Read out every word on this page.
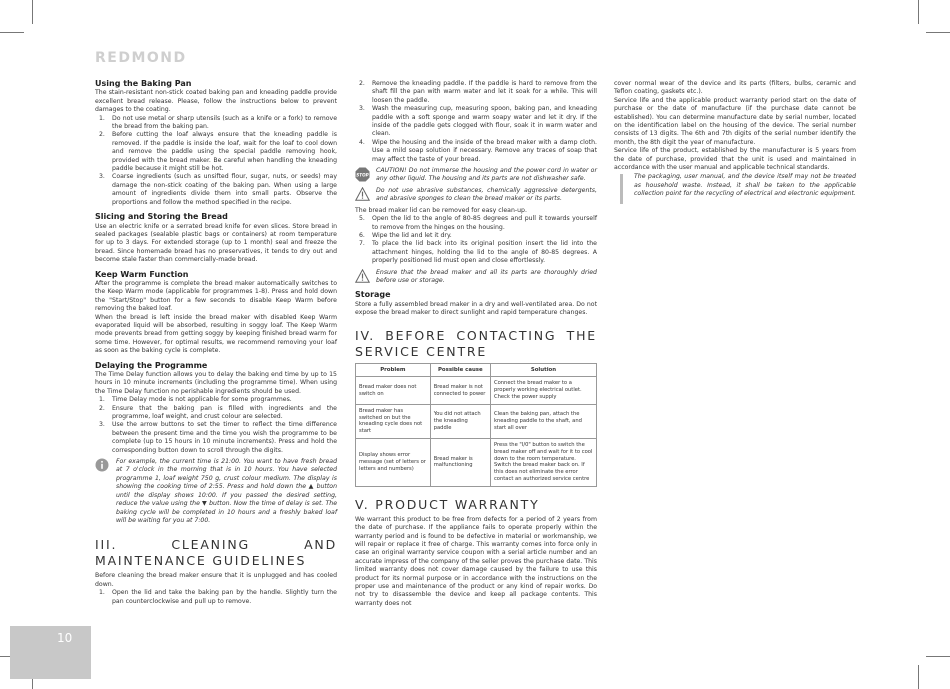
REDMOND
Using the Baking Pan

The stain-resistant non-stick coated baking pan and kneading paddle provide excellent bread release. Please, follow the instructions below to prevent damages to the coating.

1. Do not use metal or sharp utensils (such as a knife or a fork) to remove the bread from the baking pan.
2. Before cutting the loaf always ensure that the kneading paddle is removed. If the paddle is inside the loaf, wait for the loaf to cool down and remove the paddle using the special paddle removing hook, provided with the bread maker. Be careful when handling the kneading paddle because it might still be hot.
3. Coarse ingredients (such as unsifted flour, sugar, nuts, or seeds) may damage the non-stick coating of the baking pan. When using a large amount of ingredients divide them into small parts. Observe the proportions and follow the method specified in the recipe.
Slicing and Storing the Bread

Use an electric knife or a serrated bread knife for even slices. Store bread in sealed packages (sealable plastic bags or containers) at room temperature for up to 3 days. For extended storage (up to 1 month) seal and freeze the bread. Since homemade bread has no preservatives, it tends to dry out and become stale faster than commercially-made bread.

Keep Warm Function

After the programme is complete the bread maker automatically switches to the Keep Warm mode (applicable for programmes 1-8). Press and hold down the "Start/Stop" button for a few seconds to disable Keep Warm before removing the baked loaf.

When the bread is left inside the bread maker with disabled Keep Warm evaporated liquid will be absorbed, resulting in soggy loaf. The Keep Warm mode prevents bread from getting soggy by keeping finished bread warm for some time. However, for optimal results, we recommend removing your loaf as soon as the baking cycle is complete.

Delaying the Programme

The Time Delay function allows you to delay the baking end time by up to 15 hours in 10 minute increments (including the programme time). When using the Time Delay function no perishable ingredients should be used.

1. Time Delay mode is not applicable for some programmes.
2. Ensure that the baking pan is filled with ingredients and the programme, loaf weight, and crust colour are selected.
3. Use the arrow buttons to set the timer to reflect the time difference between the present time and the time you wish the programme to be complete (up to 15 hours in 10 minute increments). Press and hold the corresponding button down to scroll through the digits.
For example, the current time is 21:00. You want to have fresh bread at 7 o'clock in the morning that is in 10 hours. You have selected programme 1, loaf weight 750 g, crust colour medium. The display is showing the cooking time of 2:55. Press and hold down the ▲ button until the display shows 10:00. If you passed the desired setting, reduce the value using the ▼ button. Now the time of delay is set. The baking cycle will be completed in 10 hours and a freshly baked loaf will be waiting for you at 7:00.
III. CLEANING AND MAINTENANCE GUIDELINES

Before cleaning the bread maker ensure that it is unplugged and has cooled down.

1. Open the lid and take the baking pan by the handle. Slightly turn the pan counterclockwise and pull up to remove.
2. Remove the kneading paddle. If the paddle is hard to remove from the shaft fill the pan with warm water and let it soak for a while. This will loosen the paddle.
3. Wash the measuring cup, measuring spoon, baking pan, and kneading paddle with a soft sponge and warm soapy water and let it dry. If the inside of the paddle gets clogged with flour, soak it in warm water and clean.
4. Wipe the housing and the inside of the bread maker with a damp cloth. Use a mild soap solution if necessary. Remove any traces of soap that may affect the taste of your bread.
STOP
CAUTION! Do not immerse the housing and the power cord in water or any other liquid. The housing and its parts are not dishwasher safe.
Do not use abrasive substances, chemically aggressive detergents, and abrasive sponges to clean the bread maker or its parts.

The bread maker lid can be removed for easy clean-up.

5. Open the lid to the angle of 80-85 degrees and pull it towards yourself to remove from the hinges on the housing.
6. Wipe the lid and let it dry.
7. To place the lid back into its original position insert the lid into the attachment hinges, holding the lid to the angle of 80-85 degrees. A properly positioned lid must open and close effortlessly.
Ensure that the bread maker and all its parts are thoroughly dried before use or storage.
Storage

Store a fully assembled bread maker in a dry and well-ventilated area. Do not expose the bread maker to direct sunlight and rapid temperature changes.

IV. BEFORE CONTACTING THE SERVICE CENTRE
Problem	Possible cause	Solution
Bread maker does not switch on	Bread maker is not connected to power	Connect the bread maker to a properly working electrical outlet. Check the power supply
Bread maker has switched on but the kneading cycle does not start	You did not attach the kneading paddle	Clean the baking pan, attach the kneading paddle to the shaft, and start all over
Display shows error message (set of letters or letters and numbers)	Bread maker is malfunctioning	Press the "I/0" button to switch the bread maker off and wait for it to cool down to the room temperature. Switch the bread maker back on. If this does not eliminate the error contact an authorized service centre
V. PRODUCT WARRANTY

We warrant this product to be free from defects for a period of 2 years from the date of purchase. If the appliance fails to operate properly within the warranty period and is found to be defective in material or workmanship, we will repair or replace it free of charge. This warranty comes into force only in case an original warranty service coupon with a serial article number and an accurate impress of the company of the seller proves the purchase date. This limited warranty does not cover damage caused by the failure to use this product for its normal purpose or in accordance with the instructions on the proper use and maintenance of the product or any kind of repair works. Do not try to disassemble the device and keep all package contents. This warranty does not

cover normal wear of the device and its parts (filters, bulbs, ceramic and Teflon coating, gaskets etc.).

Service life and the applicable product warranty period start on the date of purchase or the date of manufacture (if the purchase date cannot be established). You can determine manufacture date by serial number, located on the identification label on the housing of the device. The serial number consists of 13 digits. The 6th and 7th digits of the serial number identify the month, the 8th digit the year of manufacture.

Service life of the product, established by the manufacturer is 5 years from the date of purchase, provided that the unit is used and maintained in accordance with the user manual and applicable technical standards.

The packaging, user manual, and the device itself may not be treated as household waste. Instead, it shall be taken to the applicable collection point for the recycling of electrical and electronic equipment.
10
